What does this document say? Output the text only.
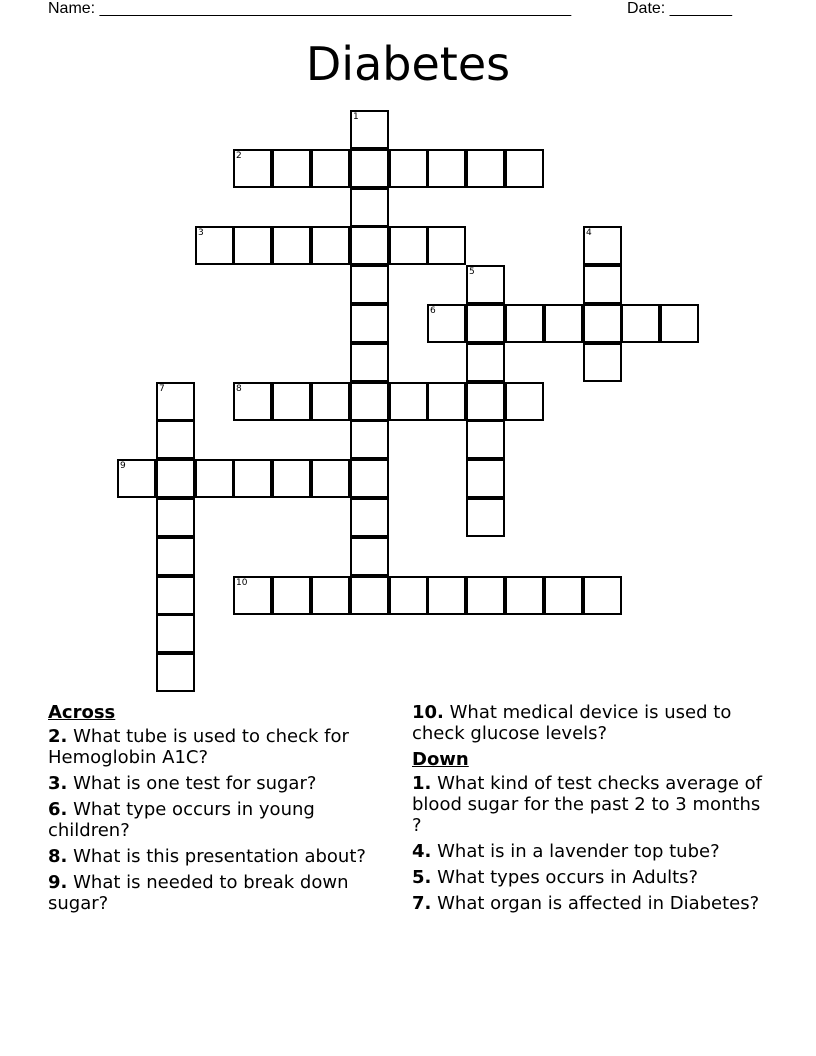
Name: _____________________________________________________	Date: _______
Diabetes
2
3
6
8
9
10
1
4
5
7
Across
2. What tube is used to check for Hemoglobin A1C?
3. What is one test for sugar?
6. What type occurs in young children?
8. What is this presentation about?
9. What is needed to break down sugar?
10. What medical device is used to check glucose levels?
Down
1. What kind of test checks average of blood sugar for the past 2 to 3 months ?
4. What is in a lavender top tube?
5. What types occurs in Adults?
7. What organ is affected in Diabetes?
